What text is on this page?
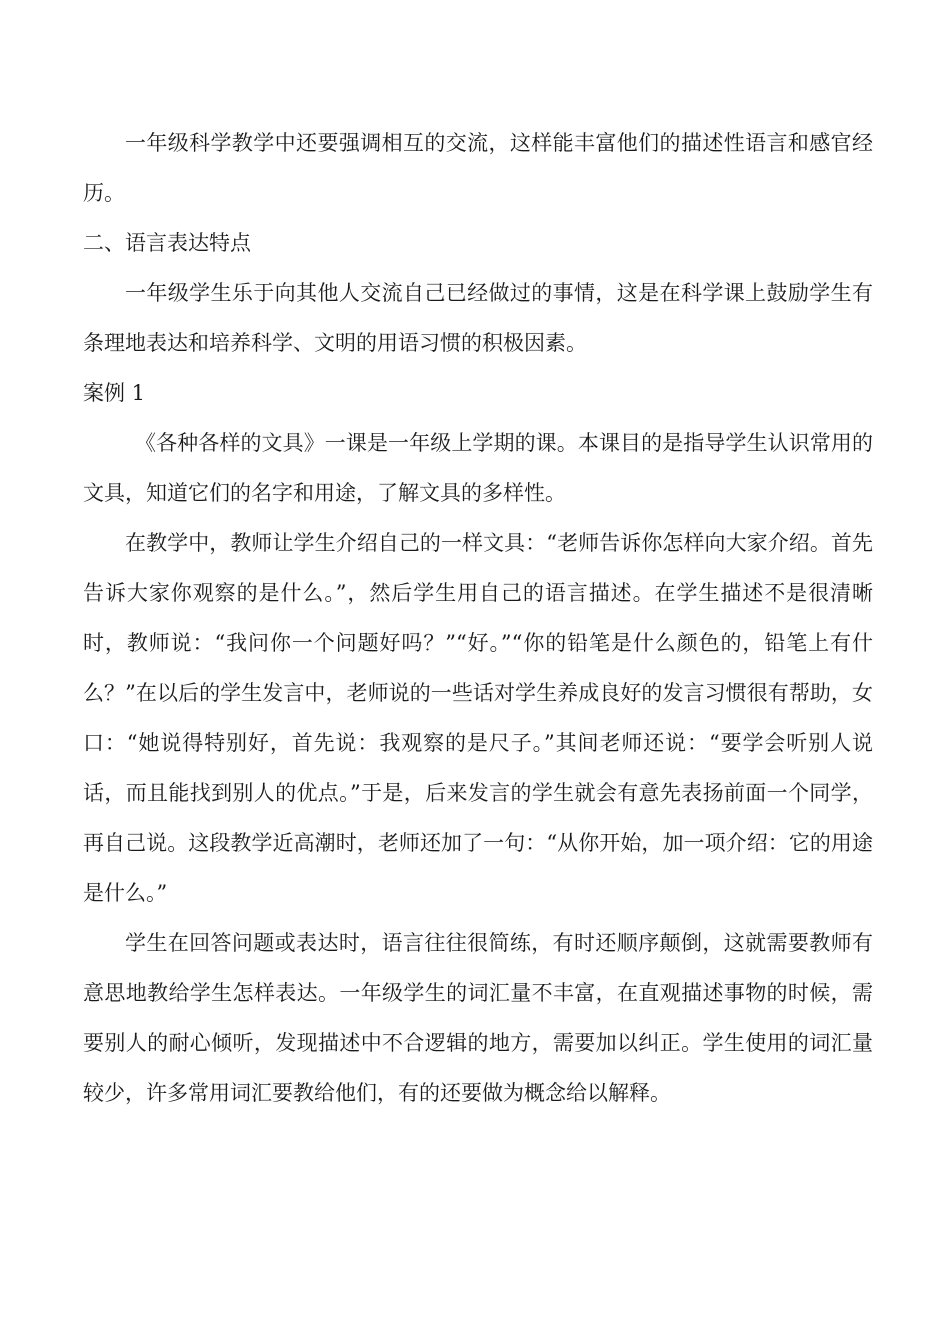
一年级科学教学中还要强调相互的交流，这样能丰富他们的描述性语言和感官经历。

二、语言表达特点

一年级学生乐于向其他人交流自己已经做过的事情，这是在科学课上鼓励学生有条理地表达和培养科学、文明的用语习惯的积极因素。

案例 1

《各种各样的文具》一课是一年级上学期的课。本课目的是指导学生认识常用的文具，知道它们的名字和用途，了解文具的多样性。

在教学中，教师让学生介绍自己的一样文具：“老师告诉你怎样向大家介绍。首先告诉大家你观察的是什么。”，然后学生用自己的语言描述。在学生描述不是很清晰时，教师说：“我问你一个问题好吗？”“好。”“你的铅笔是什么颜色的，铅笔上有什么？”在以后的学生发言中，老师说的一些话对学生养成良好的发言习惯很有帮助，女口：“她说得特别好，首先说：我观察的是尺子。”其间老师还说：“要学会听别人说话，而且能找到别人的优点。”于是，后来发言的学生就会有意先表扬前面一个同学，再自己说。这段教学近高潮时，老师还加了一句：“从你开始，加一项介绍：它的用途是什么。”

学生在回答问题或表达时，语言往往很简练，有时还顺序颠倒，这就需要教师有意思地教给学生怎样表达。一年级学生的词汇量不丰富，在直观描述事物的时候，需要别人的耐心倾听，发现描述中不合逻辑的地方，需要加以纠正。学生使用的词汇量较少，许多常用词汇要教给他们，有的还要做为概念给以解释。
